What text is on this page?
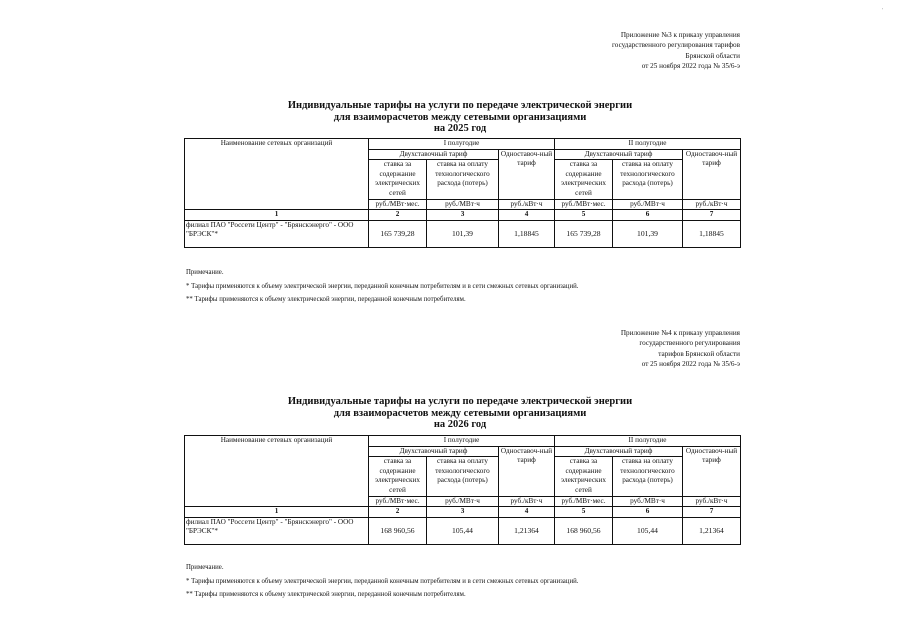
'
Приложение №3 к приказу управления
государственного регулирования тарифов
Брянской области
от 25 ноября 2022 года № 35/6-э
Индивидуальные тарифы на услуги по передаче электрической энергии
для взаиморасчетов между сетевыми организациями
на 2025 год
Наименование сетевых организаций	I полугодие			II полугодие		
	Двухставочный тариф		Одноставоч-ный тариф	Двухставочный тариф		Одноставоч-ный тариф
	ставка за содержание электрических сетей	ставка на оплату технологического расхода (потерь)		ставка за содержание электрических сетей	ставка на оплату технологического расхода (потерь)	
	руб./МВт·мес.	руб./МВт·ч	руб./кВт·ч	руб./МВт·мес.	руб./МВт·ч	руб./кВт·ч
1	2	3	4	5	6	7
филиал ПАО "Россети Центр" - "Брянскэнерго" - ООО "БРЭСК"*	165 739,28	101,39	1,18845	165 739,28	101,39	1,18845
Примечание.
* Тарифы применяются к объему электрической энергии, переданной конечным потребителям и в сети смежных сетевых организаций.
** Тарифы применяются к объему электрической энергии, переданной конечным потребителям.
Приложение №4 к приказу управления
государственного регулирования
тарифов Брянской области
от 25 ноября 2022 года № 35/6-э
Индивидуальные тарифы на услуги по передаче электрической энергии
для взаиморасчетов между сетевыми организациями
на 2026 год
Наименование сетевых организаций	I полугодие			II полугодие		
	Двухставочный тариф		Одноставоч-ный тариф	Двухставочный тариф		Одноставоч-ный тариф
	ставка за содержание электрических сетей	ставка на оплату технологического расхода (потерь)		ставка за содержание электрических сетей	ставка на оплату технологического расхода (потерь)	
	руб./МВт·мес.	руб./МВт·ч	руб./кВт·ч	руб./МВт·мес.	руб./МВт·ч	руб./кВт·ч
1	2	3	4	5	6	7
филиал ПАО "Россети Центр" - "Брянскэнерго" - ООО "БРЭСК"*	168 960,56	105,44	1,21364	168 960,56	105,44	1,21364
Примечание.
* Тарифы применяются к объему электрической энергии, переданной конечным потребителям и в сети смежных сетевых организаций.
** Тарифы применяются к объему электрической энергии, переданной конечным потребителям.
